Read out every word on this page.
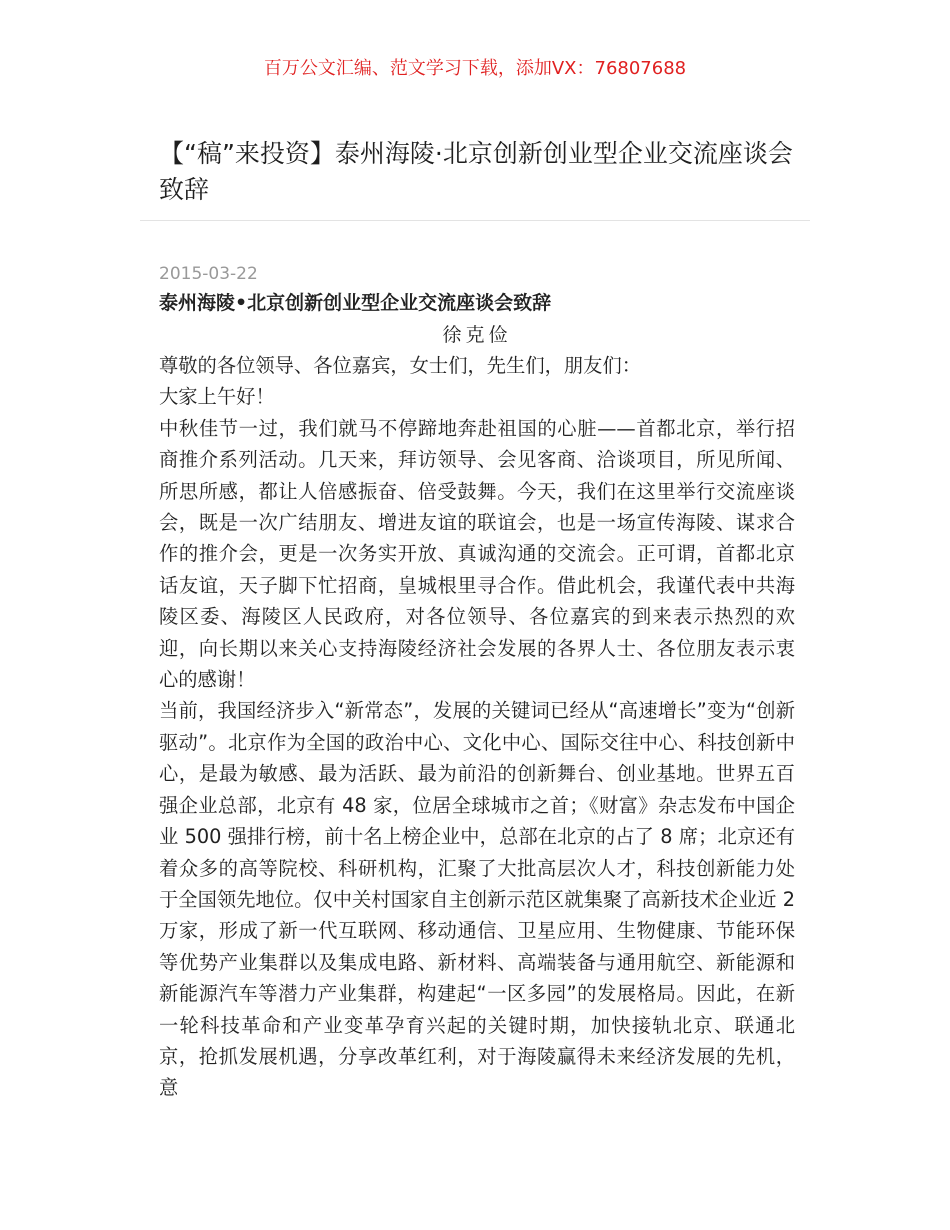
百万公文汇编、范文学习下载，添加VX：76807688
【“稿”来投资】泰州海陵·北京创新创业型企业交流座谈会致辞
2015-03-22
泰州海陵•北京创新创业型企业交流座谈会致辞
徐克俭

尊敬的各位领导、各位嘉宾，女士们，先生们，朋友们：

大家上午好！

中秋佳节一过，我们就马不停蹄地奔赴祖国的心脏——首都北京，举行招商推介系列活动。几天来，拜访领导、会见客商、洽谈项目，所见所闻、所思所感，都让人倍感振奋、倍受鼓舞。今天，我们在这里举行交流座谈会，既是一次广结朋友、增进友谊的联谊会，也是一场宣传海陵、谋求合作的推介会，更是一次务实开放、真诚沟通的交流会。正可谓，首都北京话友谊，天子脚下忙招商，皇城根里寻合作。借此机会，我谨代表中共海陵区委、海陵区人民政府，对各位领导、各位嘉宾的到来表示热烈的欢迎，向长期以来关心支持海陵经济社会发展的各界人士、各位朋友表示衷心的感谢！

当前，我国经济步入“新常态”，发展的关键词已经从“高速增长”变为“创新驱动”。北京作为全国的政治中心、文化中心、国际交往中心、科技创新中心，是最为敏感、最为活跃、最为前沿的创新舞台、创业基地。世界五百强企业总部，北京有 48 家，位居全球城市之首；《财富》杂志发布中国企业 500 强排行榜，前十名上榜企业中，总部在北京的占了 8 席；北京还有着众多的高等院校、科研机构，汇聚了大批高层次人才，科技创新能力处于全国领先地位。仅中关村国家自主创新示范区就集聚了高新技术企业近 2 万家，形成了新一代互联网、移动通信、卫星应用、生物健康、节能环保等优势产业集群以及集成电路、新材料、高端装备与通用航空、新能源和新能源汽车等潜力产业集群，构建起“一区多园”的发展格局。因此，在新一轮科技革命和产业变革孕育兴起的关键时期，加快接轨北京、联通北京，抢抓发展机遇，分享改革红利，对于海陵赢得未来经济发展的先机，意
